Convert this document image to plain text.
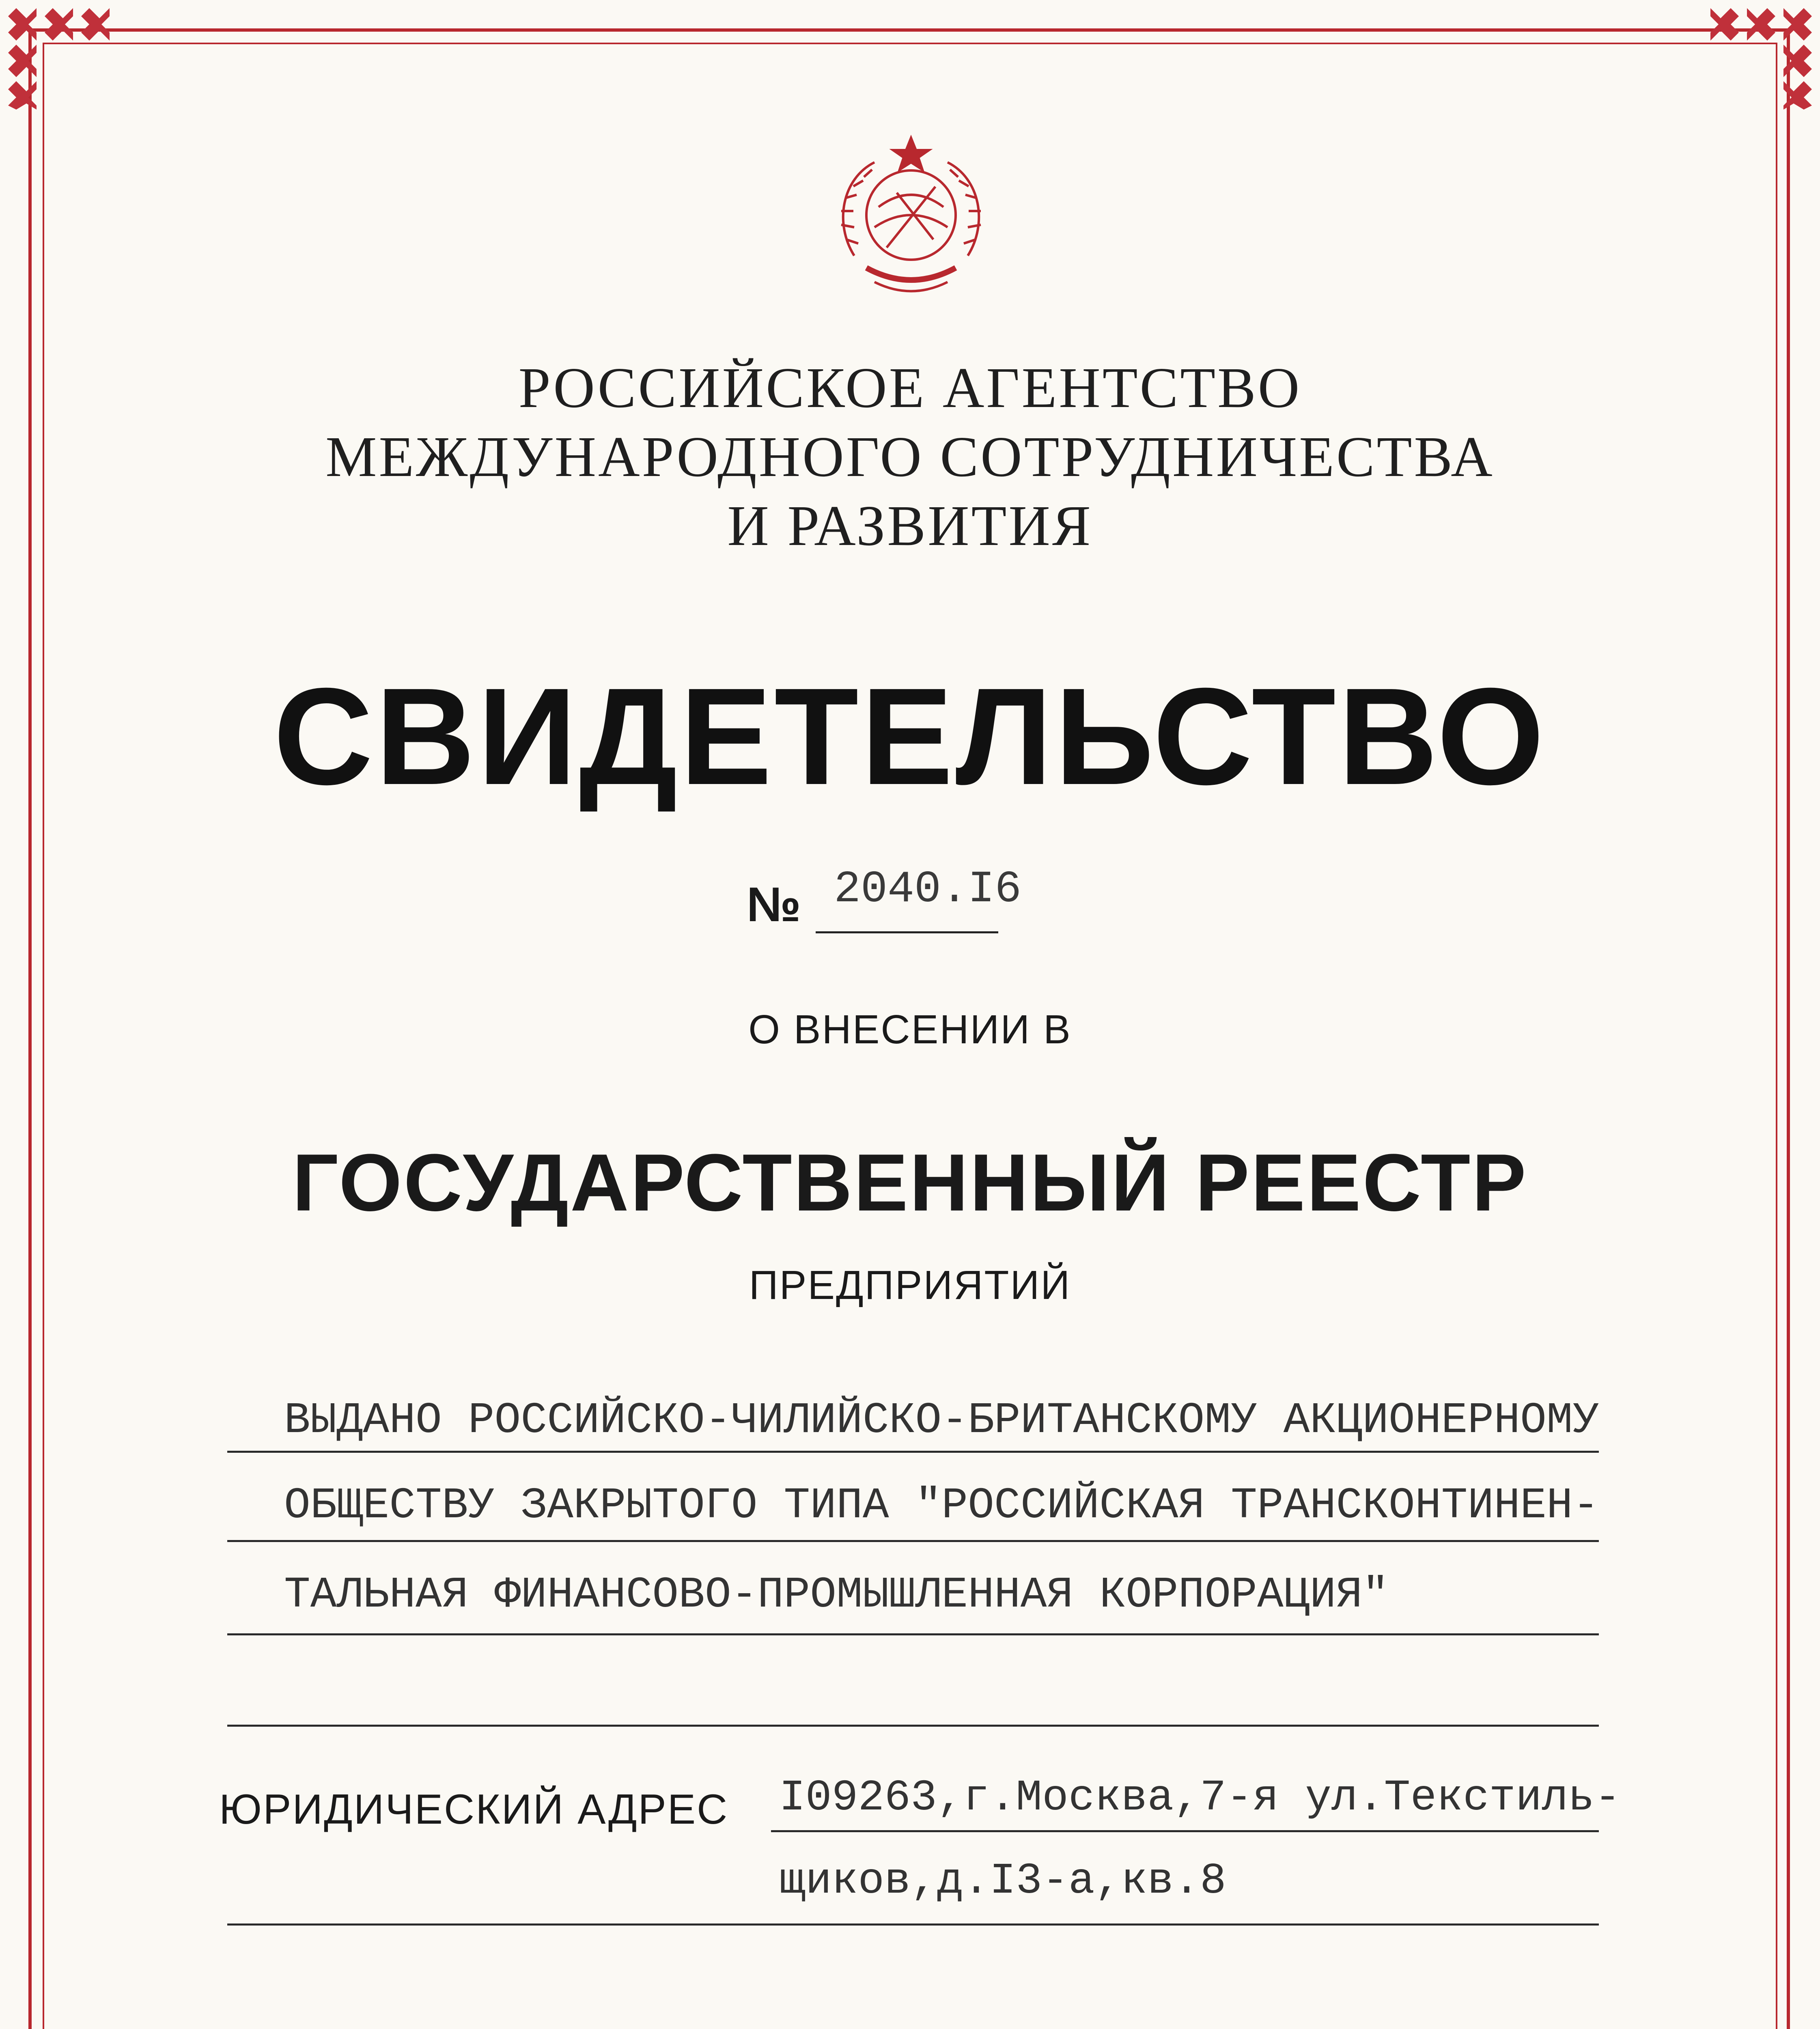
РОССИЙСКОЕ АГЕНТСТВО
МЕЖДУНАРОДНОГО СОТРУДНИЧЕСТВА
И РАЗВИТИЯ
СВИДЕТЕЛЬСТВО
№ 2040.I6
О ВНЕСЕНИИ В
ГОСУДАРСТВЕННЫЙ РЕЕСТР
ПРЕДПРИЯТИЙ
ВЫДАНО РОССИЙСКО-ЧИЛИЙСКО-БРИТАНСКОМУ АКЦИОНЕРНОМУ
ОБЩЕСТВУ ЗАКРЫТОГО ТИПА "РОССИЙСКАЯ ТРАНСКОНТИНЕН-
ТАЛЬНАЯ ФИНАНСОВО-ПРОМЫШЛЕННАЯ КОРПОРАЦИЯ"
ЮРИДИЧЕСКИЙ АДРЕС I09263,г.Москва,7-я ул.Текстиль-
щиков,д.I3-а,кв.8
